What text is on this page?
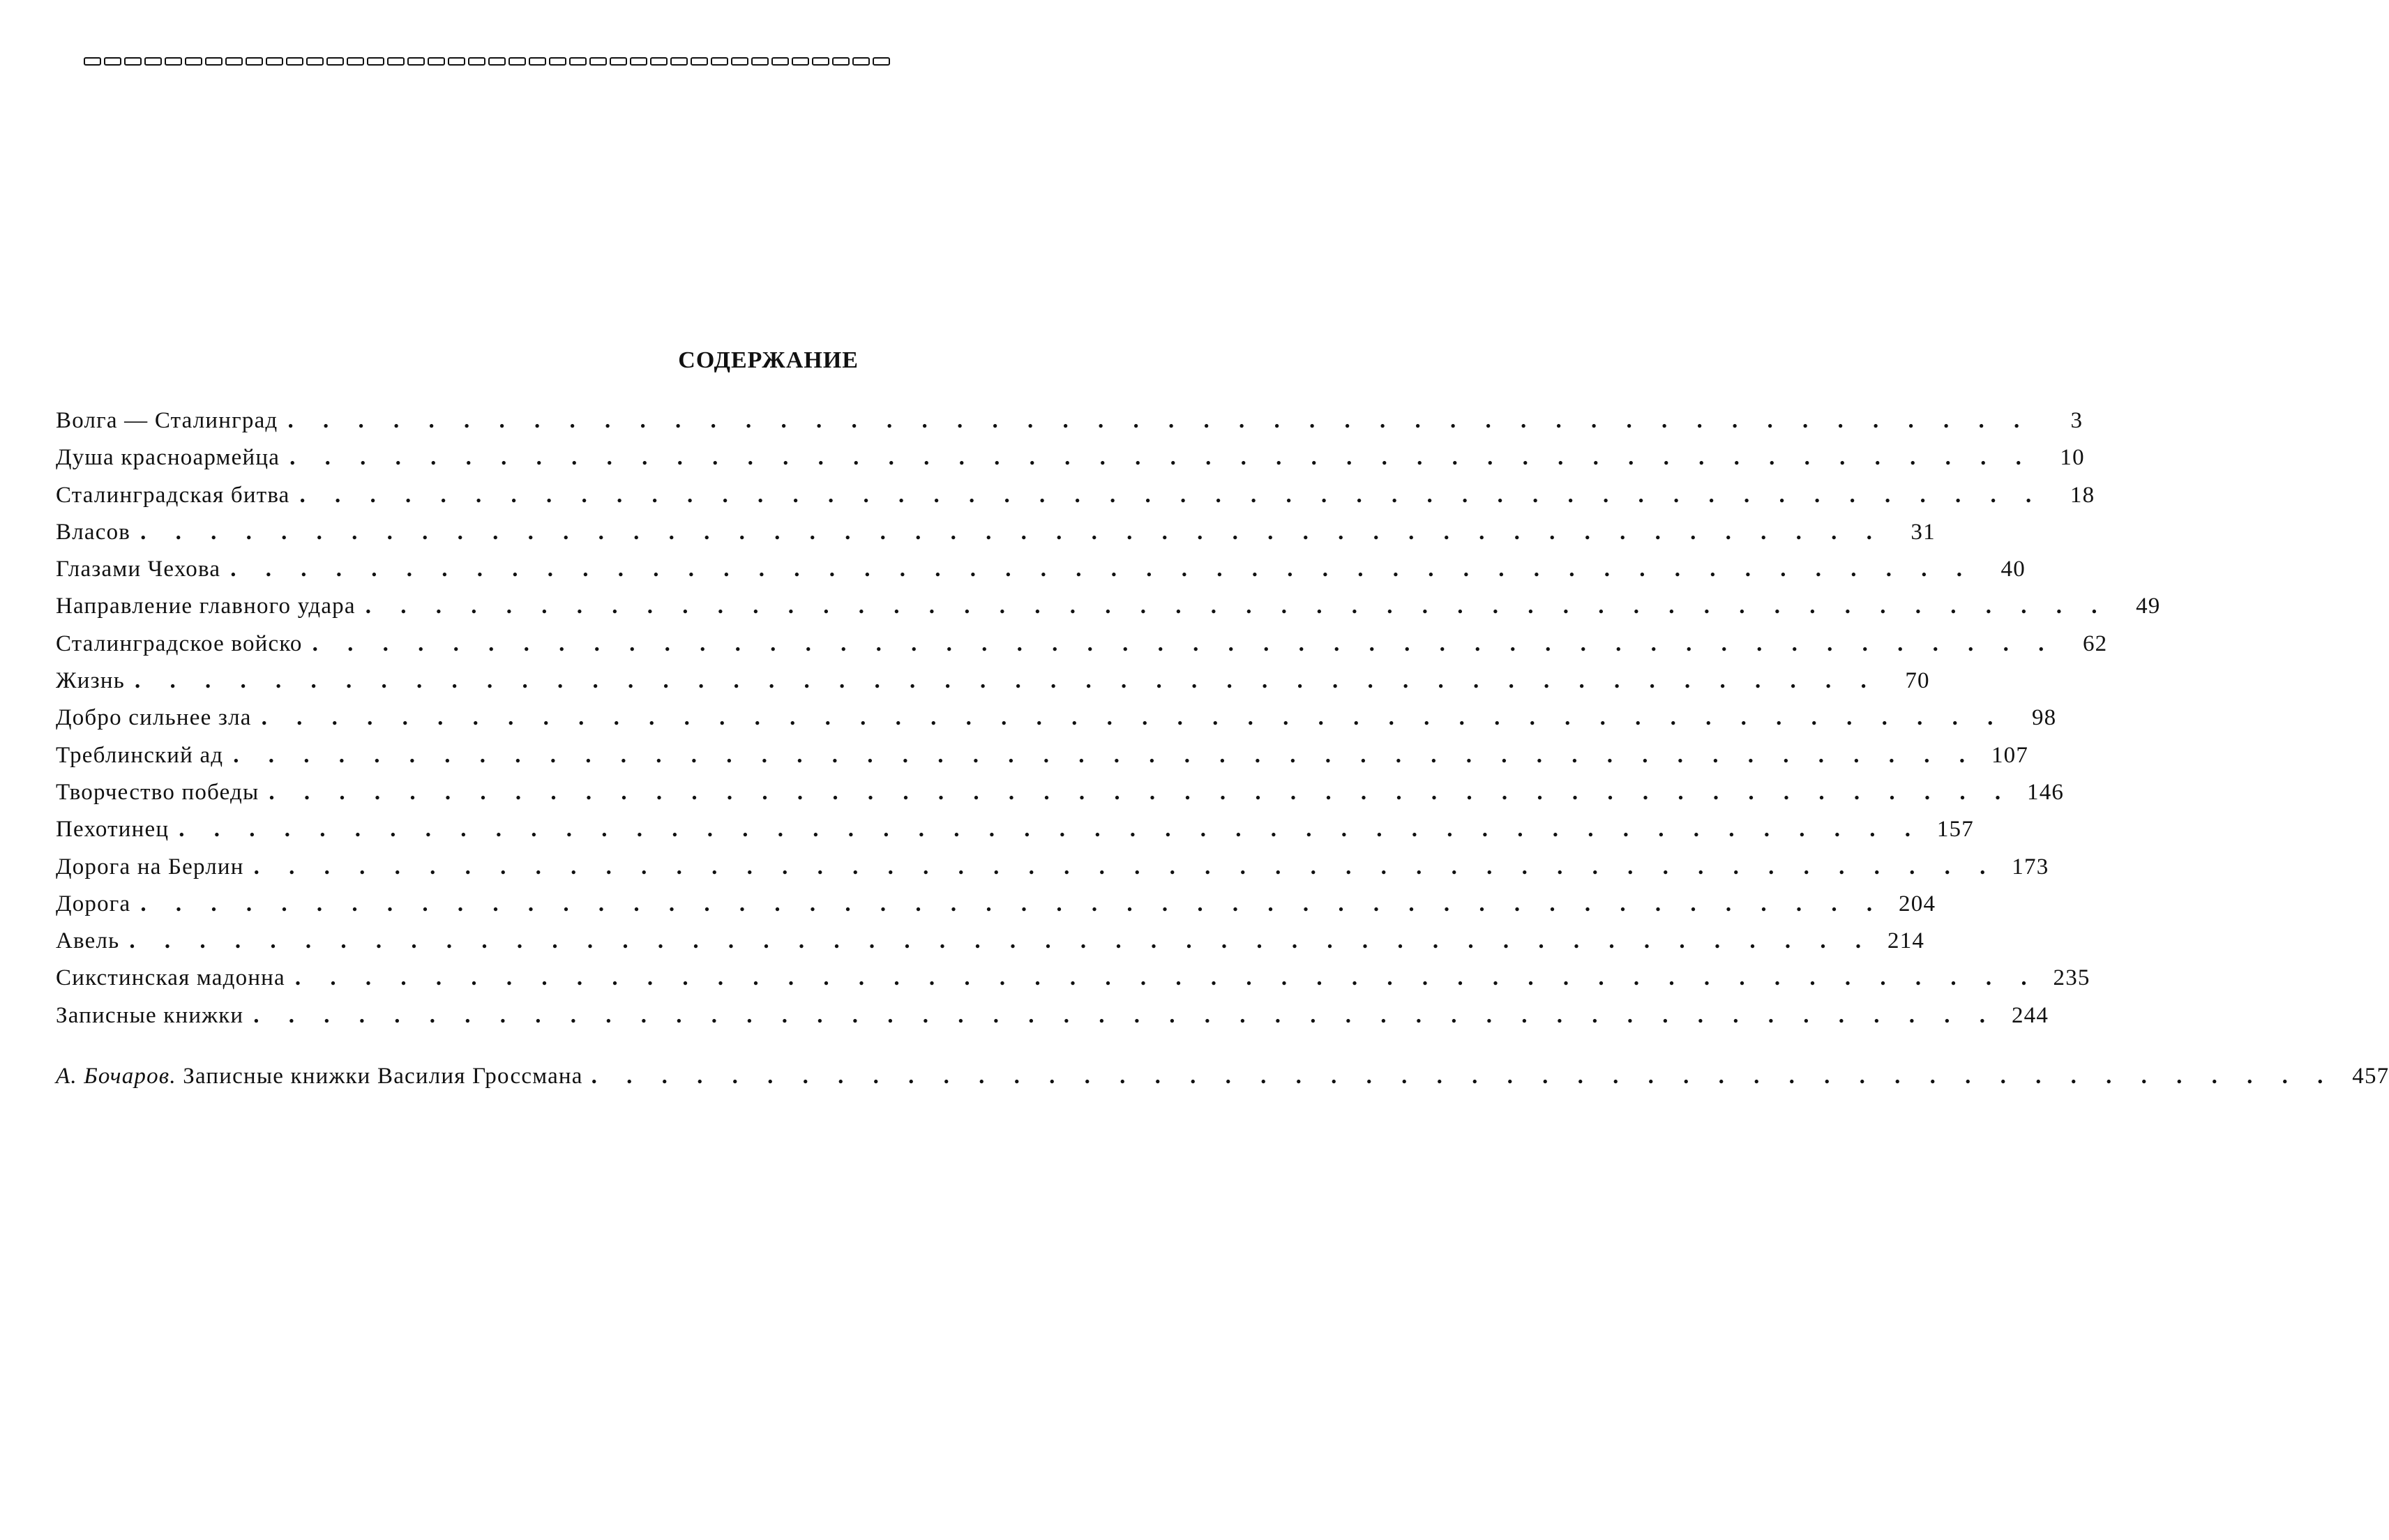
СОДЕРЖАНИЕ
Волга — Сталинград . . . . . . . . . . . . . . . . . . . . . . . . . . . . . . . . . . . . . . . . . . . . . . . . . .	3
Душа красноармейца . . . . . . . . . . . . . . . . . . . . . . . . . . . . . . . . . . . . . . . . . . . . . . . . . .	10
Сталинградская битва . . . . . . . . . . . . . . . . . . . . . . . . . . . . . . . . . . . . . . . . . . . . . . . . . .	18
Власов . . . . . . . . . . . . . . . . . . . . . . . . . . . . . . . . . . . . . . . . . . . . . . . . . .	31
Глазами Чехова . . . . . . . . . . . . . . . . . . . . . . . . . . . . . . . . . . . . . . . . . . . . . . . . . .	40
Направление главного удара . . . . . . . . . . . . . . . . . . . . . . . . . . . . . . . . . . . . . . . . . . . . . . . . . .	49
Сталинградское войско . . . . . . . . . . . . . . . . . . . . . . . . . . . . . . . . . . . . . . . . . . . . . . . . . .	62
Жизнь . . . . . . . . . . . . . . . . . . . . . . . . . . . . . . . . . . . . . . . . . . . . . . . . . .	70
Добро сильнее зла . . . . . . . . . . . . . . . . . . . . . . . . . . . . . . . . . . . . . . . . . . . . . . . . . .	98
Треблинский ад . . . . . . . . . . . . . . . . . . . . . . . . . . . . . . . . . . . . . . . . . . . . . . . . . . 107
Творчество победы . . . . . . . . . . . . . . . . . . . . . . . . . . . . . . . . . . . . . . . . . . . . . . . . . . 146
Пехотинец . . . . . . . . . . . . . . . . . . . . . . . . . . . . . . . . . . . . . . . . . . . . . . . . . . 157
Дорога на Берлин . . . . . . . . . . . . . . . . . . . . . . . . . . . . . . . . . . . . . . . . . . . . . . . . . . 173
Дорога . . . . . . . . . . . . . . . . . . . . . . . . . . . . . . . . . . . . . . . . . . . . . . . . . . 204
Авель . . . . . . . . . . . . . . . . . . . . . . . . . . . . . . . . . . . . . . . . . . . . . . . . . . 214
Сикстинская мадонна . . . . . . . . . . . . . . . . . . . . . . . . . . . . . . . . . . . . . . . . . . . . . . . . . . 235
Записные книжки . . . . . . . . . . . . . . . . . . . . . . . . . . . . . . . . . . . . . . . . . . . . . . . . . . 244
А. Бочаров. Записные книжки Василия Гроссмана . . . . . . . . . . . . . . . . . . . . . . . . . . . . . . . . . . . . . . . . . . . . . . . . . . 457
